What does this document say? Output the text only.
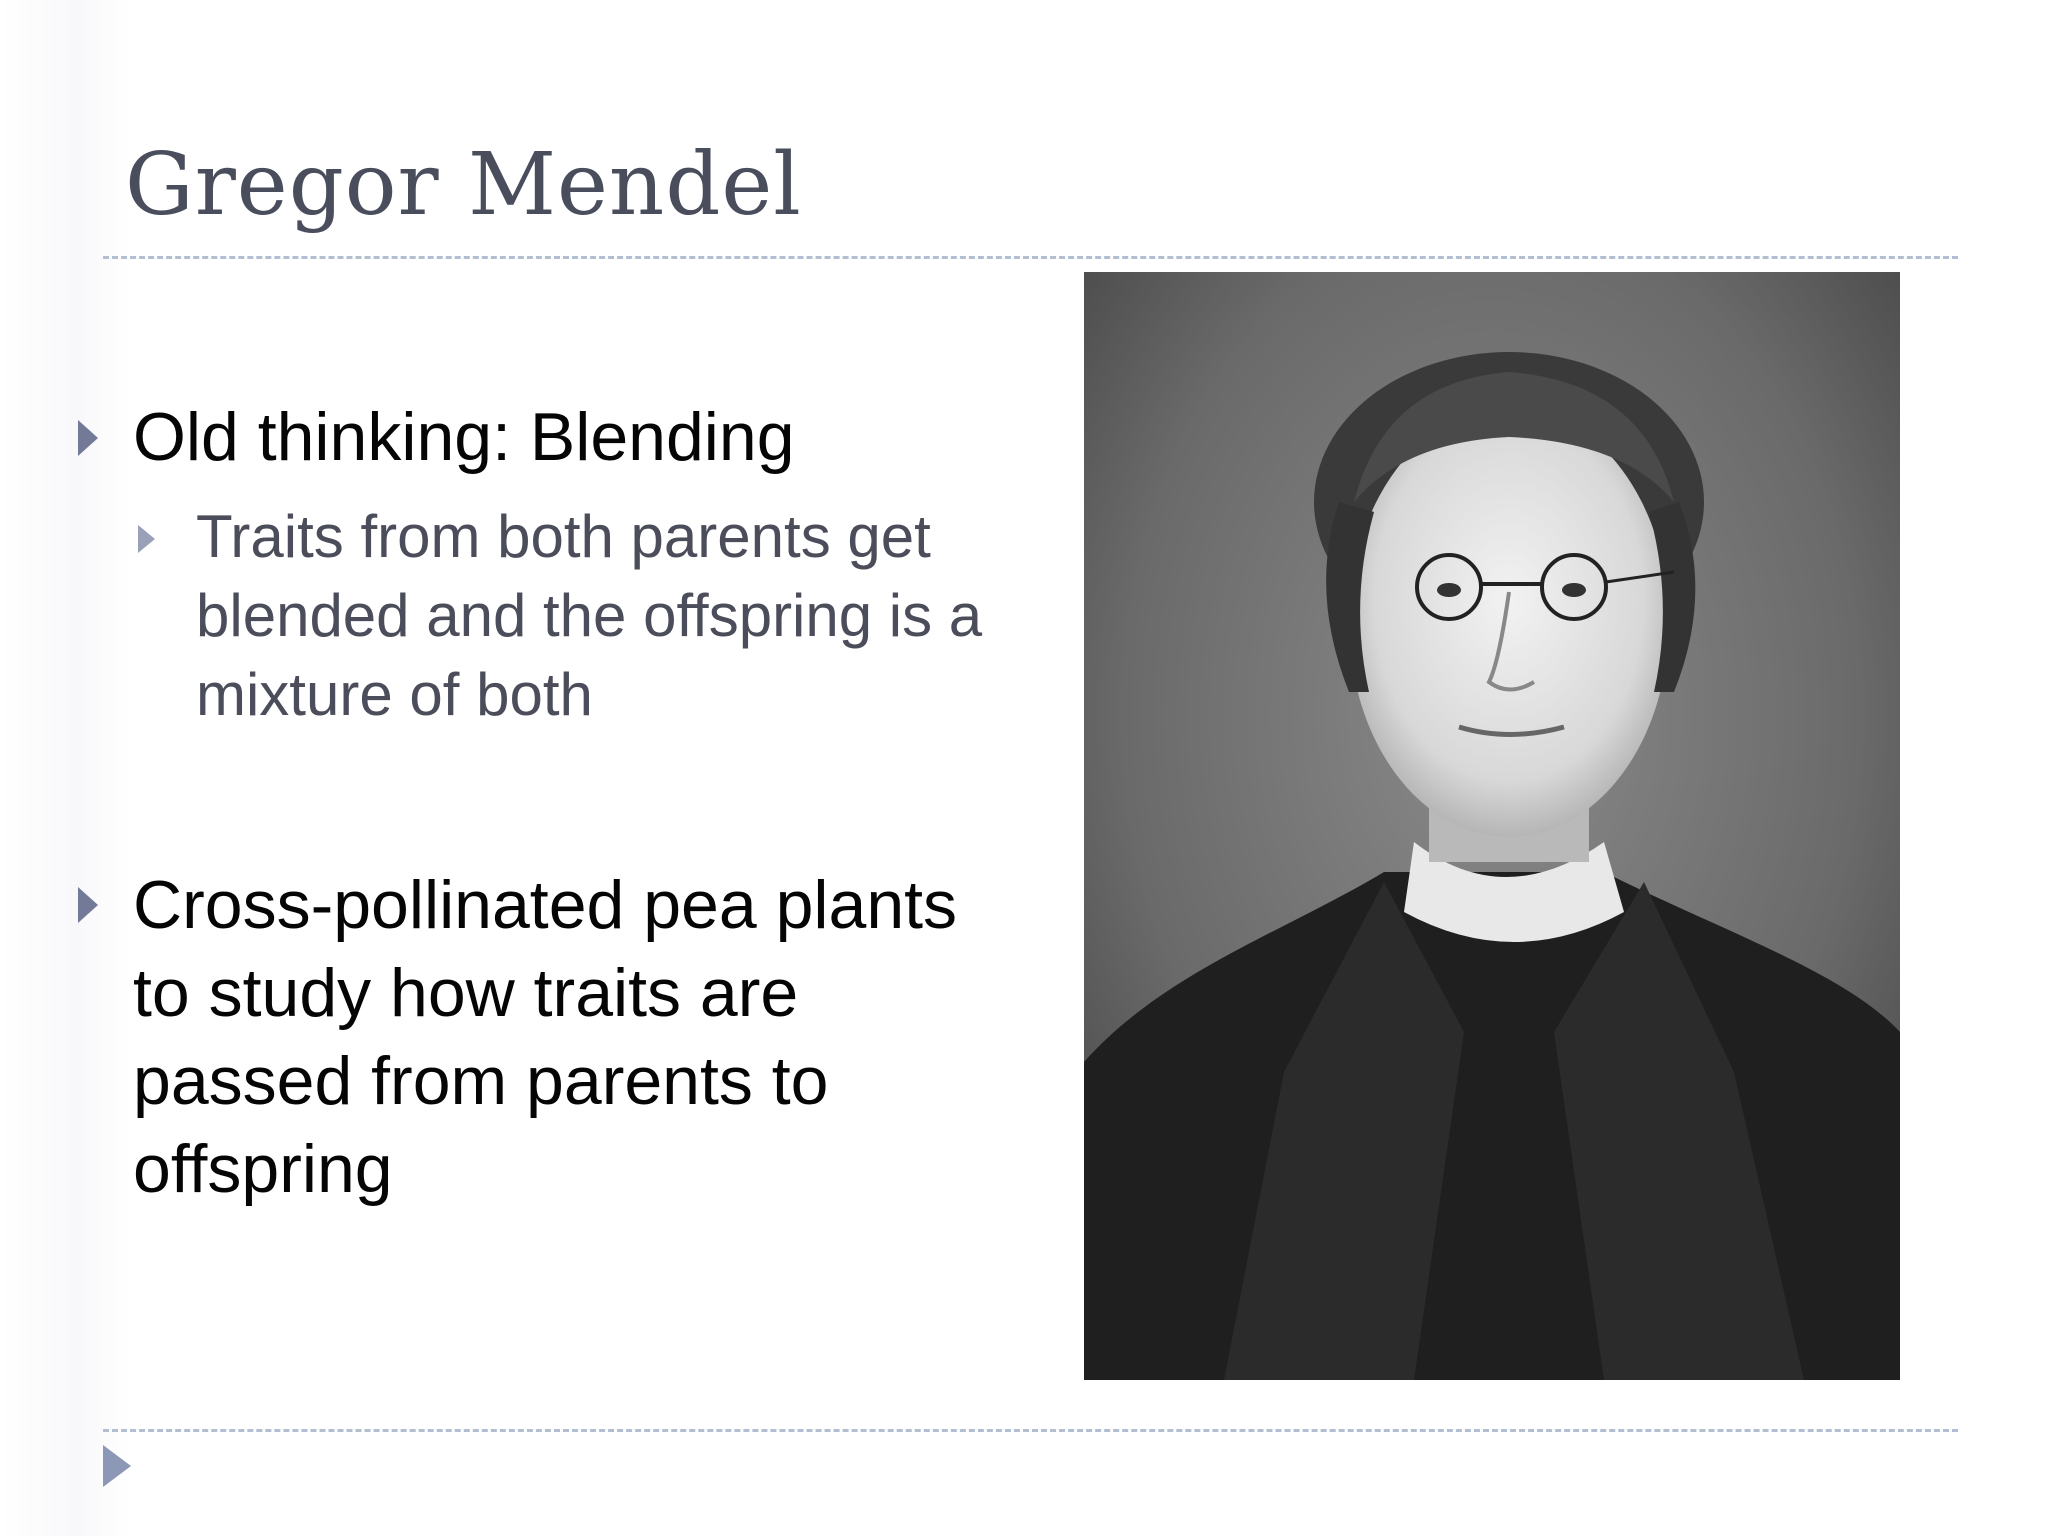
Gregor Mendel
Old thinking: Blending
Traits from both parents get
blended and the offspring is a
mixture of both
Cross-pollinated pea plants
to study how traits are
passed from parents to
offspring
